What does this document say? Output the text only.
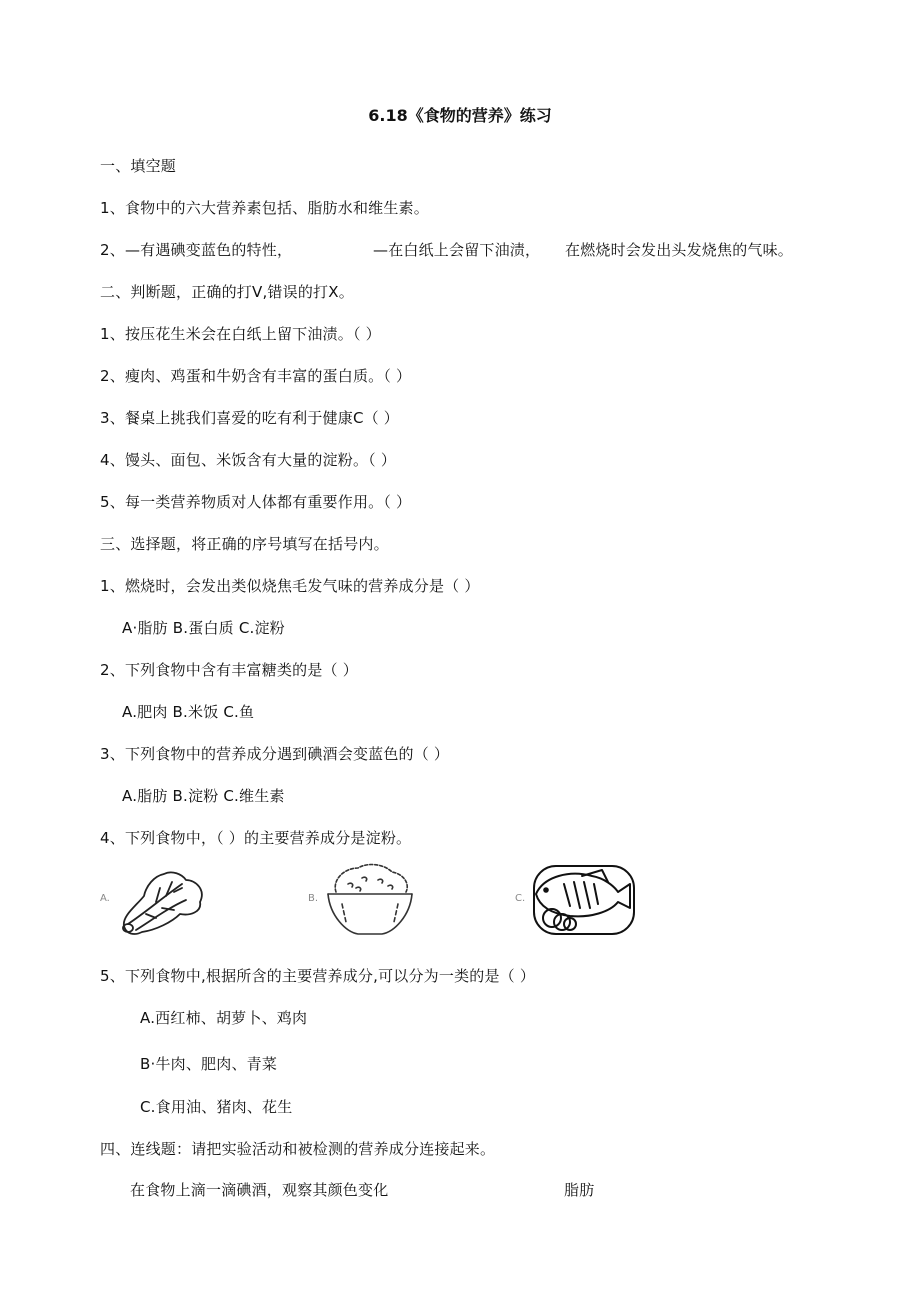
6.18《食物的营养》练习
一、填空题
1、食物中的六大营养素包括、脂肪水和维生素。
2、—有遇碘变蓝色的特性，	—在白纸上会留下油渍， 在燃烧时会发出头发烧焦的气味。
二、判断题，正确的打V,错误的打X。
1、按压花生米会在白纸上留下油渍。（ ）
2、瘦肉、鸡蛋和牛奶含有丰富的蛋白质。（ ）
3、餐桌上挑我们喜爱的吃有利于健康C（ ）
4、馒头、面包、米饭含有大量的淀粉。（ ）
5、每一类营养物质对人体都有重要作用。（ ）
三、选择题，将正确的序号填写在括号内。
1、燃烧时，会发出类似烧焦毛发气味的营养成分是（ ）
A·脂肪 B.蛋白质 C.淀粉
2、下列食物中含有丰富糖类的是（ ）
A.肥肉 B.米饭 C.鱼
3、下列食物中的营养成分遇到碘酒会变蓝色的（ ）
A.脂肪 B.淀粉 C.维生素
4、下列食物中，（ ）的主要营养成分是淀粉。
A.	B.	C.
5、下列食物中,根据所含的主要营养成分,可以分为一类的是（ ）
A.西红柿、胡萝卜、鸡肉
B·牛肉、肥肉、青菜
C.食用油、猪肉、花生
四、连线题：请把实验活动和被检测的营养成分连接起来。
在食物上滴一滴碘酒，观察其颜色变化	脂肪
